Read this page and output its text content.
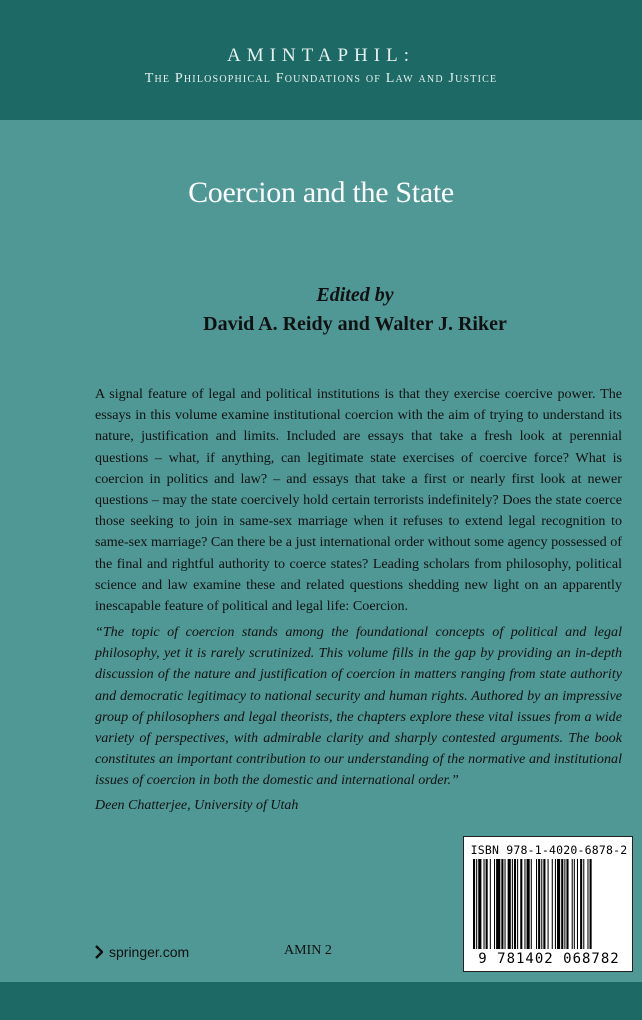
AMINTAPHIL:
The Philosophical Foundations of Law and Justice
Coercion and the State
Edited by
David A. Reidy and Walter J. Riker
A signal feature of legal and political institutions is that they exercise coercive power. The essays in this volume examine institutional coercion with the aim of trying to understand its nature, justification and limits. Included are essays that take a fresh look at perennial questions – what, if anything, can legitimate state exercises of coercive force? What is coercion in politics and law? – and essays that take a first or nearly first look at newer questions – may the state coercively hold certain terrorists indefinitely? Does the state coerce those seeking to join in same-sex marriage when it refuses to extend legal recognition to same-sex marriage? Can there be a just international order without some agency possessed of the final and rightful authority to coerce states? Leading scholars from philosophy, political science and law examine these and related questions shedding new light on an apparently inescapable feature of political and legal life: Coercion.
“The topic of coercion stands among the foundational concepts of political and legal philosophy, yet it is rarely scrutinized. This volume fills in the gap by providing an in-depth discussion of the nature and justification of coercion in matters ranging from state authority and democratic legitimacy to national security and human rights. Authored by an impressive group of philosophers and legal theorists, the chapters explore these vital issues from a wide variety of perspectives, with admirable clarity and sharply contested arguments. The book constitutes an important contribution to our understanding of the normative and institutional issues of coercion in both the domestic and international order.”
Deen Chatterjee, University of Utah
ISBN 978-1-4020-6878-2
9 781402 068782
springer.com	AMIN 2
